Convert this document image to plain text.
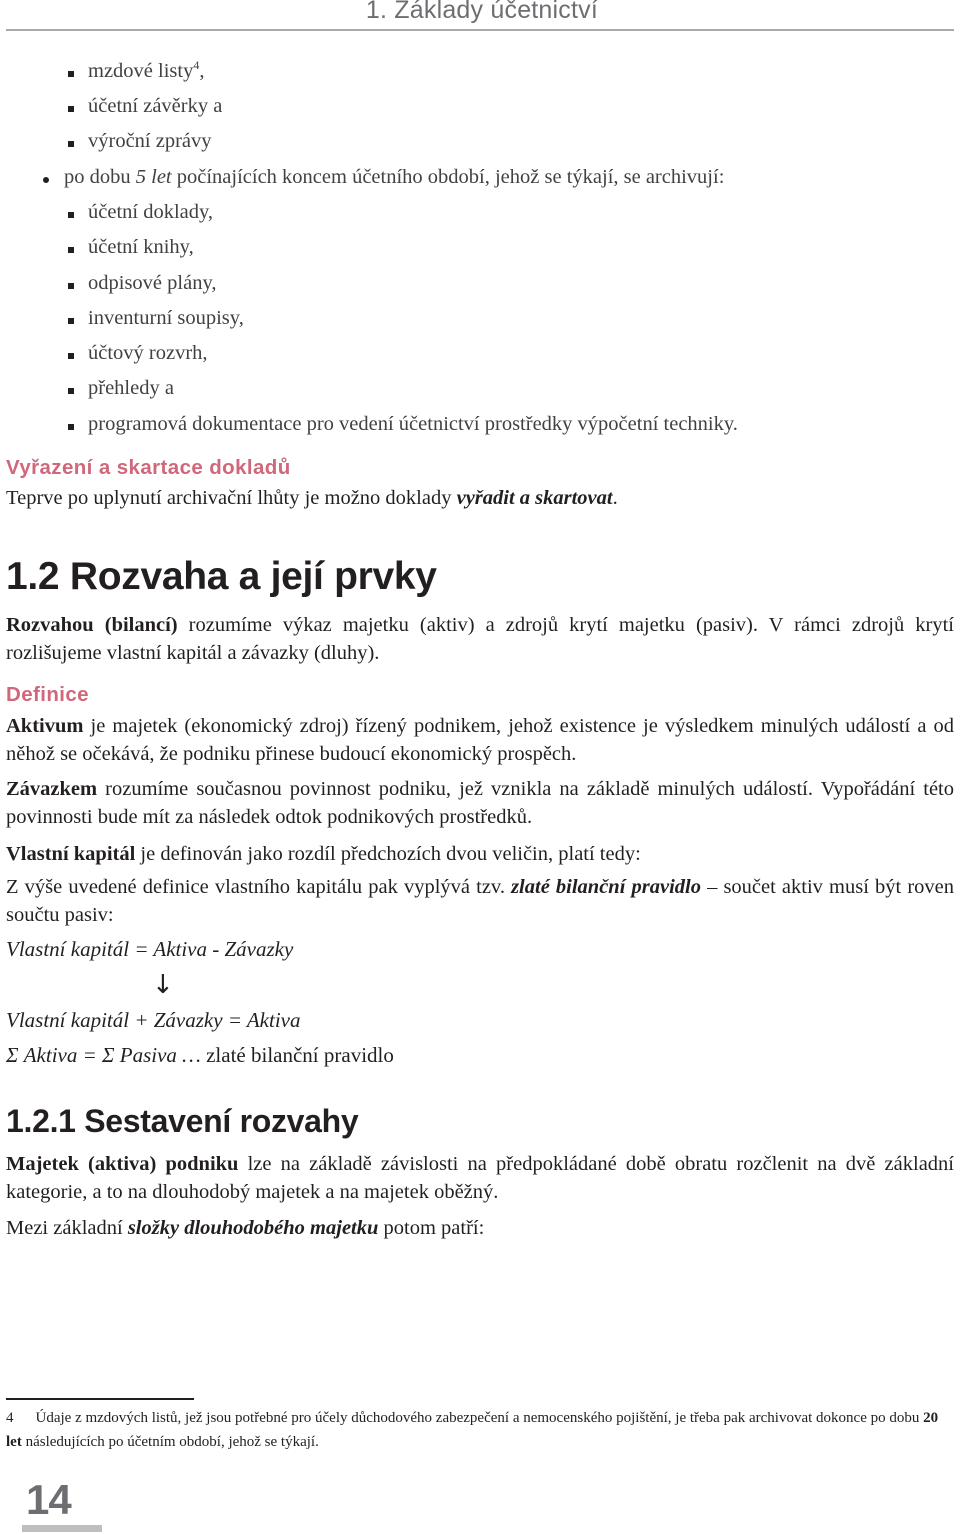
1. Základy účetnictví
mzdové listy$^4$,
účetní závěrky a
výroční zprávy
po dobu 5 let počínajících koncem účetního období, jehož se týkají, se archivují:
účetní doklady,
účetní knihy,
odpisové plány,
inventurní soupisy,
účtový rozvrh,
přehledy a
programová dokumentace pro vedení účetnictví prostředky výpočetní techniky.
Vyřazení a skartace dokladů
Teprve po uplynutí archivační lhůty je možno doklady vyřadit a skartovat.
1.2 Rozvaha a její prvky
Rozvahou (bilancí) rozumíme výkaz majetku (aktiv) a zdrojů krytí majetku (pasiv). V rámci zdrojů krytí rozlišujeme vlastní kapitál a závazky (dluhy).
Definice
Aktivum je majetek (ekonomický zdroj) řízený podnikem, jehož existence je výsledkem minulých událostí a od něhož se očekává, že podniku přinese budoucí ekonomický prospěch.
Závazkem rozumíme současnou povinnost podniku, jež vznikla na základě minulých událostí. Vypořádání této povinnosti bude mít za následek odtok podnikových prostředků.
Vlastní kapitál je definován jako rozdíl předchozích dvou veličin, platí tedy:
Z výše uvedené definice vlastního kapitálu pak vyplývá tzv. zlaté bilanční pravidlo – součet aktiv musí být roven součtu pasiv:
Vlastní kapitál = Aktiva - Závazky
↓
Vlastní kapitál + Závazky = Aktiva
Σ Aktiva = Σ Pasiva … zlaté bilanční pravidlo
1.2.1 Sestavení rozvahy
Majetek (aktiva) podniku lze na základě závislosti na předpokládané době obratu rozčlenit na dvě základní kategorie, a to na dlouhodobý majetek a na majetek oběžný.
Mezi základní složky dlouhodobého majetku potom patří:
4 Údaje z mzdových listů, jež jsou potřebné pro účely důchodového zabezpečení a nemocenského pojištění, je třeba pak archivovat dokonce po dobu 20 let následujících po účetním období, jehož se týkají.
14
